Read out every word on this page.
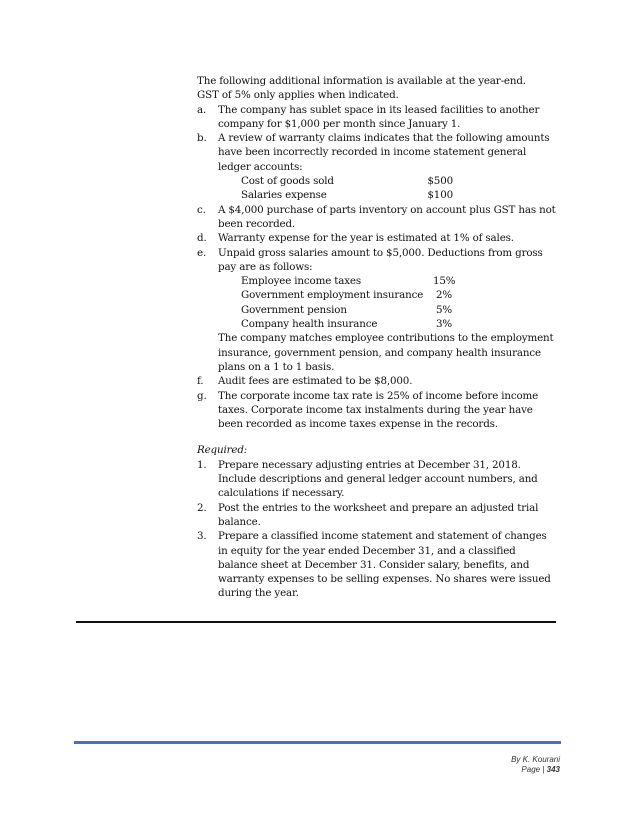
The following additional information is available at the year-end.

GST of 5% only applies when indicated.

a. The company has sublet space in its leased facilities to another company for $1,000 per month since January 1.
b. A review of warranty claims indicates that the following amounts have been incorrectly recorded in income statement general ledger accounts:
Cost of goods sold	$500
Salaries expense	$100
c. A $4,000 purchase of parts inventory on account plus GST has not been recorded.
d. Warranty expense for the year is estimated at 1% of sales.
e. Unpaid gross salaries amount to $5,000. Deductions from gross pay are as follows:
Employee income taxes	15%
Government employment insurance	2%
Government pension	5%
Company health insurance	3%
The company matches employee contributions to the employment insurance, government pension, and company health insurance plans on a 1 to 1 basis.
f. Audit fees are estimated to be $8,000.
g. The corporate income tax rate is 25% of income before income taxes. Corporate income tax instalments during the year have been recorded as income taxes expense in the records.

Required:

1. Prepare necessary adjusting entries at December 31, 2018. Include descriptions and general ledger account numbers, and calculations if necessary.
2. Post the entries to the worksheet and prepare an adjusted trial balance.
3. Prepare a classified income statement and statement of changes in equity for the year ended December 31, and a classified balance sheet at December 31. Consider salary, benefits, and warranty expenses to be selling expenses. No shares were issued during the year.
By K. Kourani
Page | 343
